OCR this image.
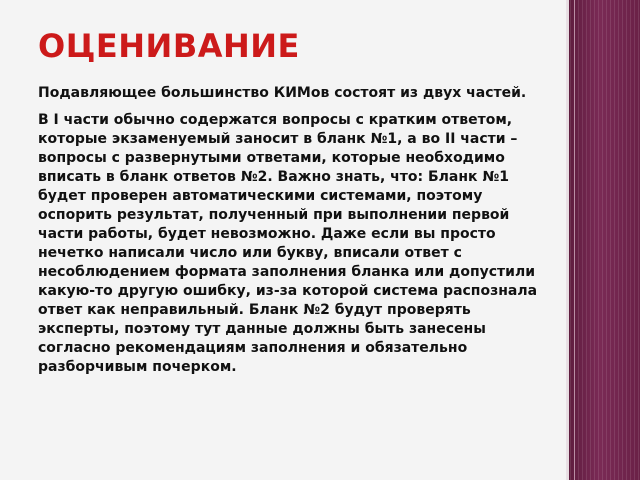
ОЦЕНИВАНИЕ

Подавляющее большинство КИМов состоят из двух частей.

В I части обычно содержатся вопросы с кратким ответом, которые экзаменуемый заносит в бланк №1, а во II части – вопросы с развернутыми ответами, которые необходимо вписать в бланк ответов №2. Важно знать, что: Бланк №1 будет проверен автоматическими системами, поэтому оспорить результат, полученный при выполнении первой части работы, будет невозможно. Даже если вы просто нечетко написали число или букву, вписали ответ с несоблюдением формата заполнения бланка или допустили какую-то другую ошибку, из-за которой система распознала ответ как неправильный. Бланк №2 будут проверять эксперты, поэтому тут данные должны быть занесены согласно рекомендациям заполнения и обязательно разборчивым почерком.
